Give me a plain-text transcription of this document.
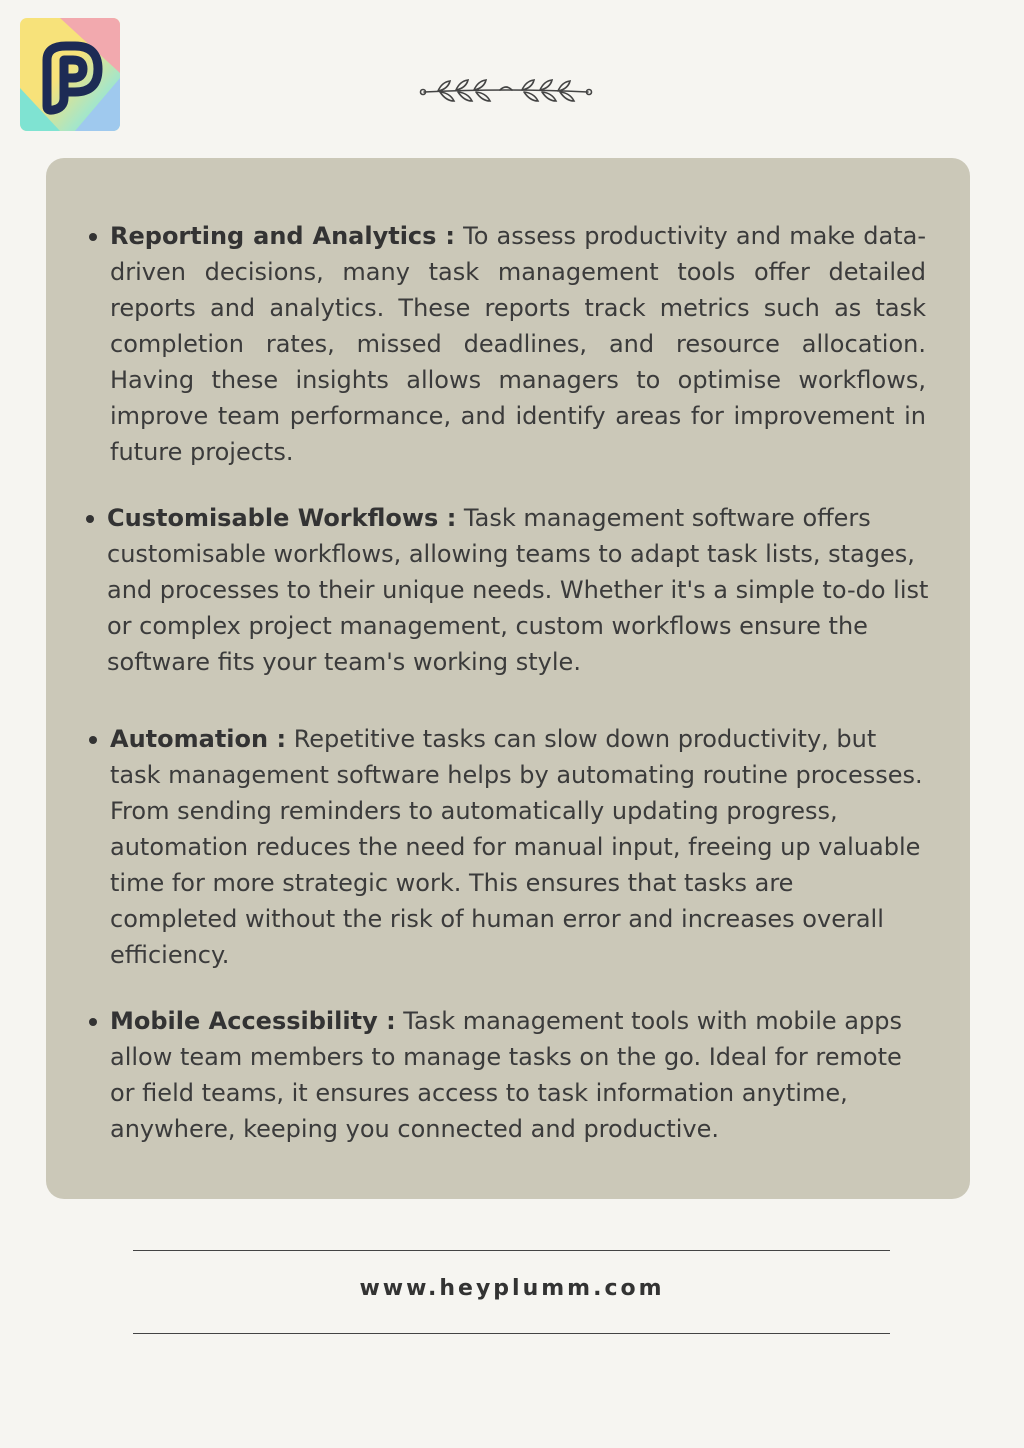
Reporting and Analytics : To assess productivity and make data-driven decisions, many task management tools offer detailed reports and analytics. These reports track metrics such as task completion rates, missed deadlines, and resource allocation. Having these insights allows managers to optimise workflows, improve team performance, and identify areas for improvement in future projects.
Customisable Workflows : Task management software offers customisable workflows, allowing teams to adapt task lists, stages, and processes to their unique needs. Whether it's a simple to-do list or complex project management, custom workflows ensure the software fits your team's working style.
Automation : Repetitive tasks can slow down productivity, but task management software helps by automating routine processes. From sending reminders to automatically updating progress, automation reduces the need for manual input, freeing up valuable time for more strategic work. This ensures that tasks are completed without the risk of human error and increases overall efficiency.
Mobile Accessibility : Task management tools with mobile apps allow team members to manage tasks on the go. Ideal for remote or field teams, it ensures access to task information anytime, anywhere, keeping you connected and productive.
www.heyplumm.com
